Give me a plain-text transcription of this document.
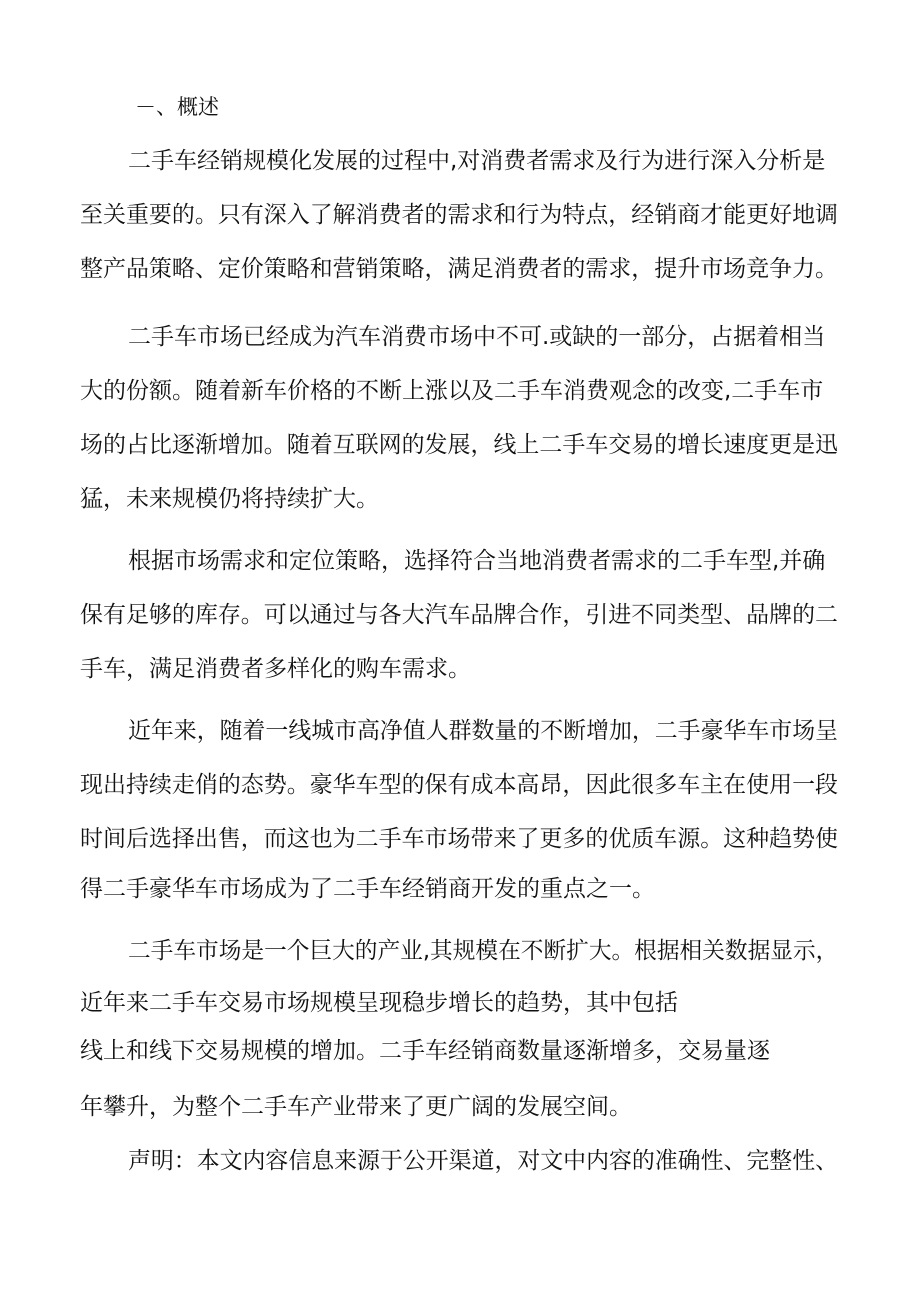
－、概述
二手车经销规模化发展的过程中,对消费者需求及行为进行深入分析是
至关重要的。只有深入了解消费者的需求和行为特点，经销商才能更好地调
整产品策略、定价策略和营销策略，满足消费者的需求，提升市场竞争力。
二手车市场已经成为汽车消费市场中不可.或缺的一部分，占据着相当
大的份额。随着新车价格的不断上涨以及二手车消费观念的改变,二手车市
场的占比逐渐增加。随着互联网的发展，线上二手车交易的增长速度更是迅
猛，未来规模仍将持续扩大。
根据市场需求和定位策略，选择符合当地消费者需求的二手车型,并确
保有足够的库存。可以通过与各大汽车品牌合作，引进不同类型、品牌的二
手车，满足消费者多样化的购车需求。
近年来，随着一线城市高净值人群数量的不断增加，二手豪华车市场呈
现出持续走俏的态势。豪华车型的保有成本高昂，因此很多车主在使用一段
时间后选择出售，而这也为二手车市场带来了更多的优质车源。这种趋势使
得二手豪华车市场成为了二手车经销商开发的重点之一。
二手车市场是一个巨大的产业,其规模在不断扩大。根据相关数据显示，
近年来二手车交易市场规模呈现稳步增长的趋势，其中包括
线上和线下交易规模的增加。二手车经销商数量逐渐增多，交易量逐
年攀升，为整个二手车产业带来了更广阔的发展空间。
声明：本文内容信息来源于公开渠道，对文中内容的准确性、完整性、
